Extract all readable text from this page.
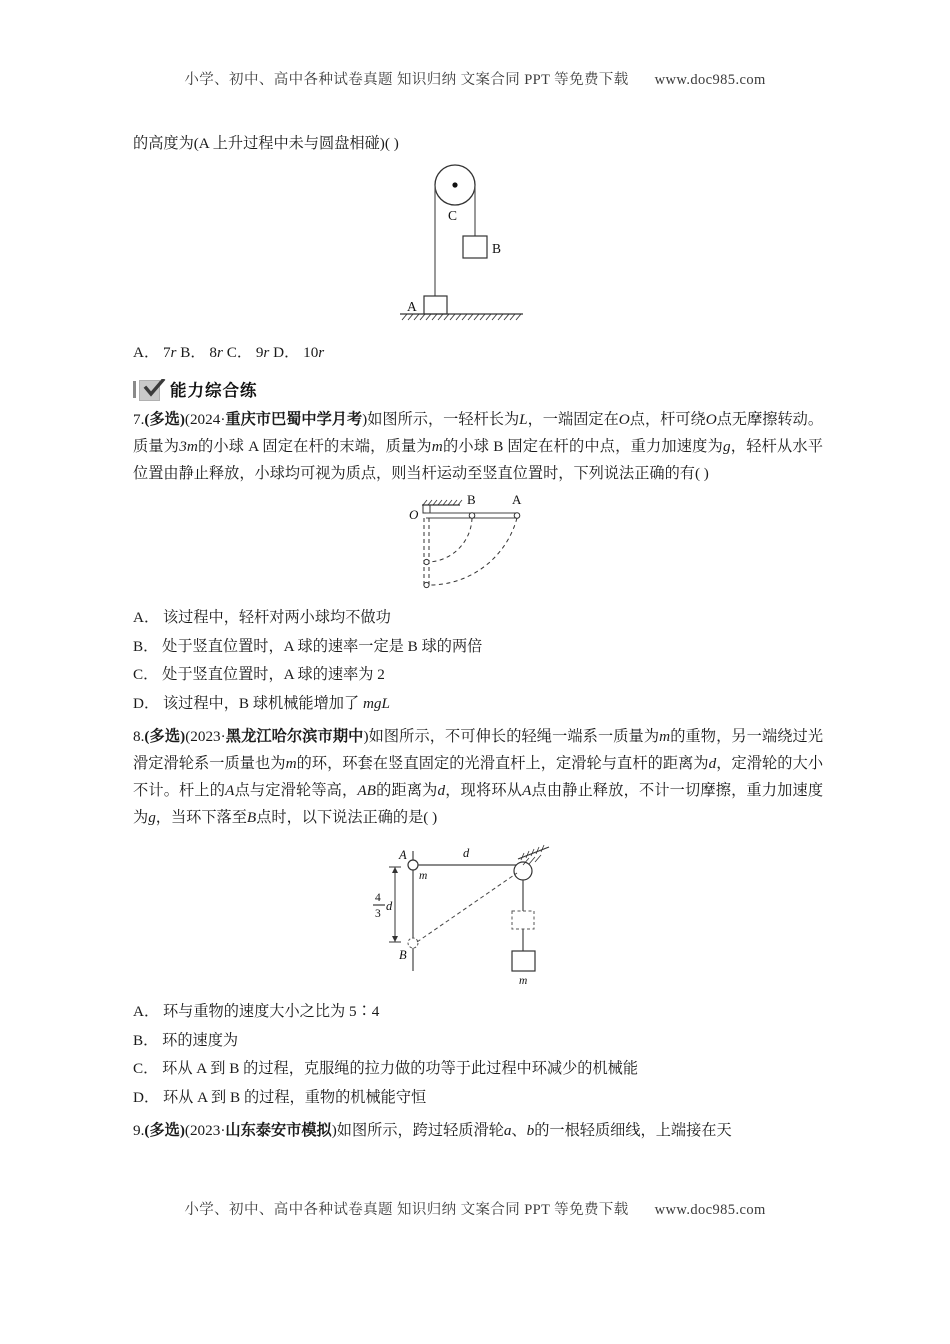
小学、初中、高中各种试卷真题 知识归纳 文案合同 PPT 等免费下载 www.doc985.com

的高度为(A 上升过程中未与圆盘相碰)( )

C
B
A

A． 7r B． 8r C． 9r D． 10r

能力综合练

7.(多选)(2024·重庆市巴蜀中学月考)如图所示，一轻杆长为L，一端固定在O点，杆可绕O点无摩擦转动。质量为3m的小球 A 固定在杆的末端，质量为m的小球 B 固定在杆的中点，重力加速度为g，轻杆从水平位置由静止释放，小球均可视为质点，则当杆运动至竖直位置时，下列说法正确的有( )

O
B	A

A． 该过程中，轻杆对两小球均不做功

B． 处于竖直位置时，A 球的速率一定是 B 球的两倍

C． 处于竖直位置时，A 球的速率为 2

D． 该过程中，B 球机械能增加了 mgL

8.(多选)(2023·黑龙江哈尔滨市期中)如图所示，不可伸长的轻绳一端系一质量为m的重物，另一端绕过光滑定滑轮系一质量也为m的环，环套在竖直固定的光滑直杆上，定滑轮与直杆的距离为d，定滑轮的大小不计。杆上的A点与定滑轮等高，AB的距离为d，现将环从A点由静止释放，不计一切摩擦，重力加速度为g，当环下落至B点时，以下说法正确的是( )

A
m
B
4
3
d
d
m

A． 环与重物的速度大小之比为 5∶4

B． 环的速度为

C． 环从 A 到 B 的过程，克服绳的拉力做的功等于此过程中环减少的机械能

D． 环从 A 到 B 的过程，重物的机械能守恒

9.(多选)(2023·山东泰安市模拟)如图所示，跨过轻质滑轮a、b的一根轻质细线，上端接在天

小学、初中、高中各种试卷真题 知识归纳 文案合同 PPT 等免费下载 www.doc985.com
